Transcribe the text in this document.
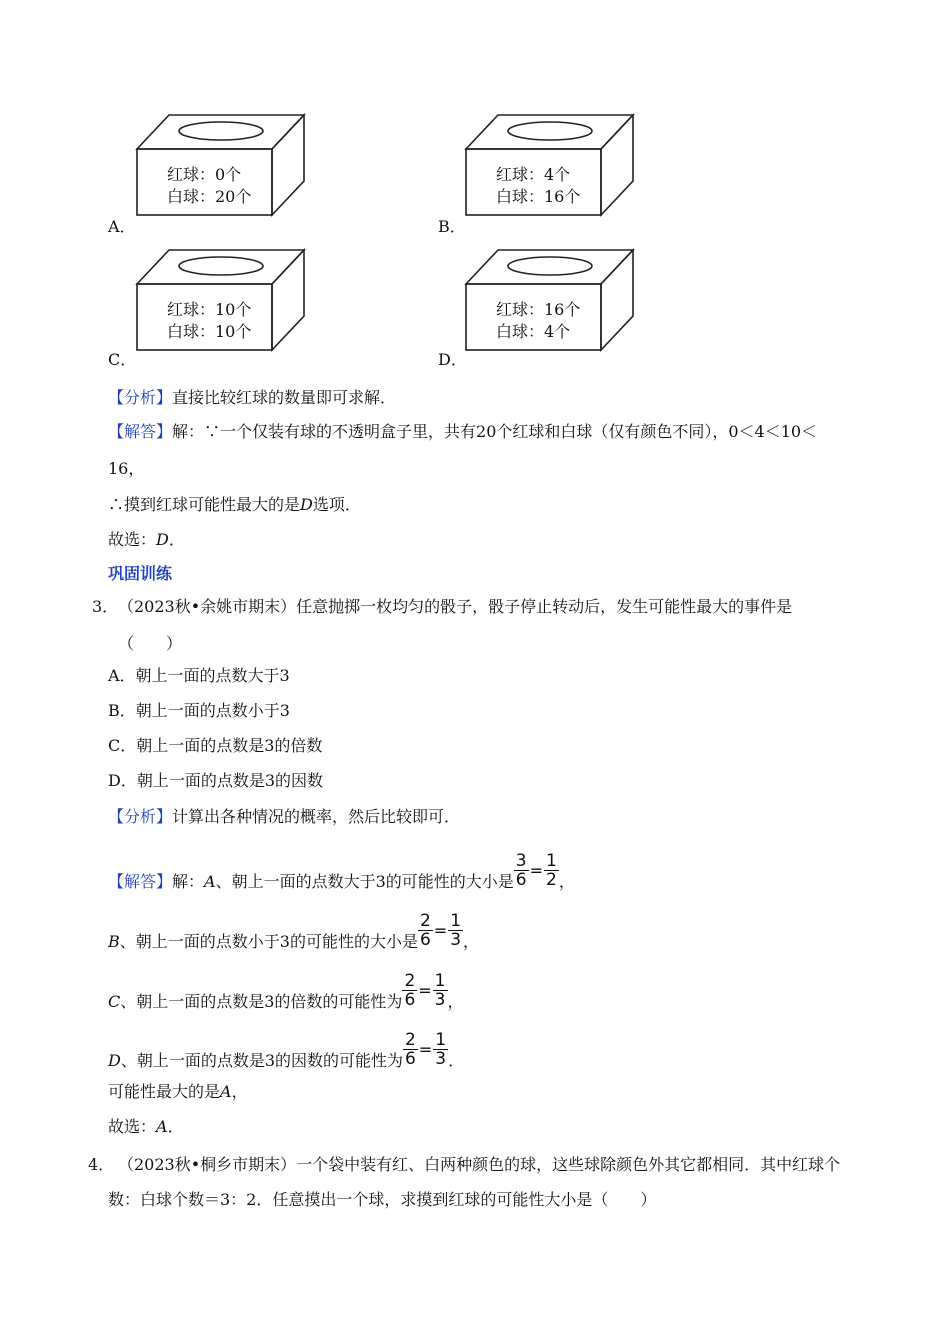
红球：0个
白球：20个
A．
红球：4个
白球：16个
B．
红球：10个
白球：10个
C．
红球：16个
白球：4个
D．
【分析】直接比较红球的数量即可求解．
【解答】解：∵一个仅装有球的不透明盒子里，共有20个红球和白球（仅有颜色不同），0＜4＜10＜
16，
∴摸到红球可能性最大的是D选项．
故选：D．
巩固训练
3． （2023秋•余姚市期末）任意抛掷一枚均匀的骰子，骰子停止转动后，发生可能性最大的事件是
（　　）
A．朝上一面的点数大于3
B．朝上一面的点数小于3
C．朝上一面的点数是3的倍数
D．朝上一面的点数是3的因数
【分析】计算出各种情况的概率，然后比较即可．
【解答】解：A、朝上一面的点数大于3的可能性的大小是 $\frac{3}{6} = \frac{1}{2}$ ，
B、朝上一面的点数小于3的可能性的大小是 $\frac{2}{6} = \frac{1}{3}$ ，
C、朝上一面的点数是3的倍数的可能性为 $\frac{2}{6} = \frac{1}{3}$ ，
D、朝上一面的点数是3的因数的可能性为 $\frac{2}{6} = \frac{1}{3}$ ．
可能性最大的是A，
故选：A．
4． （2023秋•桐乡市期末）一个袋中装有红、白两种颜色的球，这些球除颜色外其它都相同．其中红球个
数：白球个数＝3：2．任意摸出一个球，求摸到红球的可能性大小是（　　）
